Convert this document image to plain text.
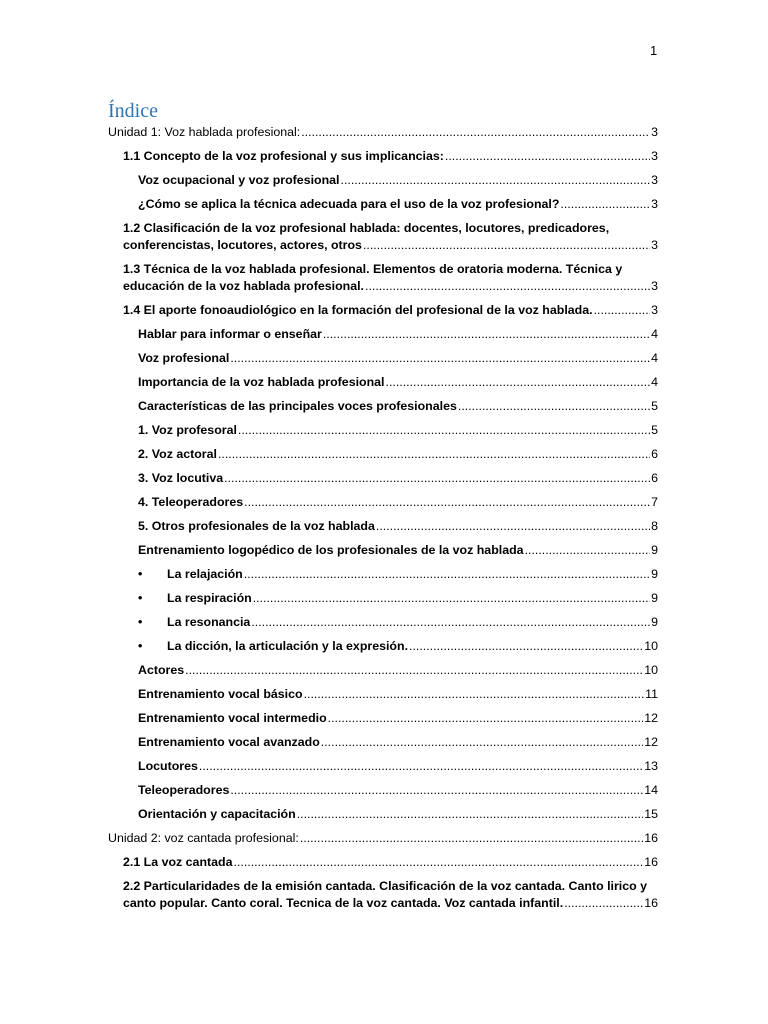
1
Índice
Unidad 1: Voz hablada profesional: .....	3
1.1 Concepto de la voz profesional y sus implicancias: .....	3
Voz ocupacional y voz profesional .....	3
¿Cómo se aplica la técnica adecuada para el uso de la voz profesional? .....	3
1.2 Clasificación de la voz profesional hablada: docentes, locutores, predicadores,
conferencistas, locutores, actores, otros .....	3
1.3 Técnica de la voz hablada profesional. Elementos de oratoria moderna. Técnica y
educación de la voz hablada profesional. .....	3
1.4 El aporte fonoaudiológico en la formación del profesional de la voz hablada. .....	3
Hablar para informar o enseñar .....	4
Voz profesional .....	4
Importancia de la voz hablada profesional .....	4
Características de las principales voces profesionales .....	5
1. Voz profesoral .....	5
2. Voz actoral .....	6
3. Voz locutiva .....	6
4. Teleoperadores .....	7
5. Otros profesionales de la voz hablada .....	8
Entrenamiento logopédico de los profesionales de la voz hablada .....	9
•	La relajación .....	9
•	La respiración .....	9
•	La resonancia .....	9
•	La dicción, la articulación y la expresión. .....	10
Actores .....	10
Entrenamiento vocal básico .....	11
Entrenamiento vocal intermedio .....	12
Entrenamiento vocal avanzado .....	12
Locutores .....	13
Teleoperadores .....	14
Orientación y capacitación .....	15
Unidad 2: voz cantada profesional: .....	16
2.1 La voz cantada .....	16
2.2 Particularidades de la emisión cantada. Clasificación de la voz cantada. Canto lirico y
canto popular. Canto coral. Tecnica de la voz cantada. Voz cantada infantil. .....	16
